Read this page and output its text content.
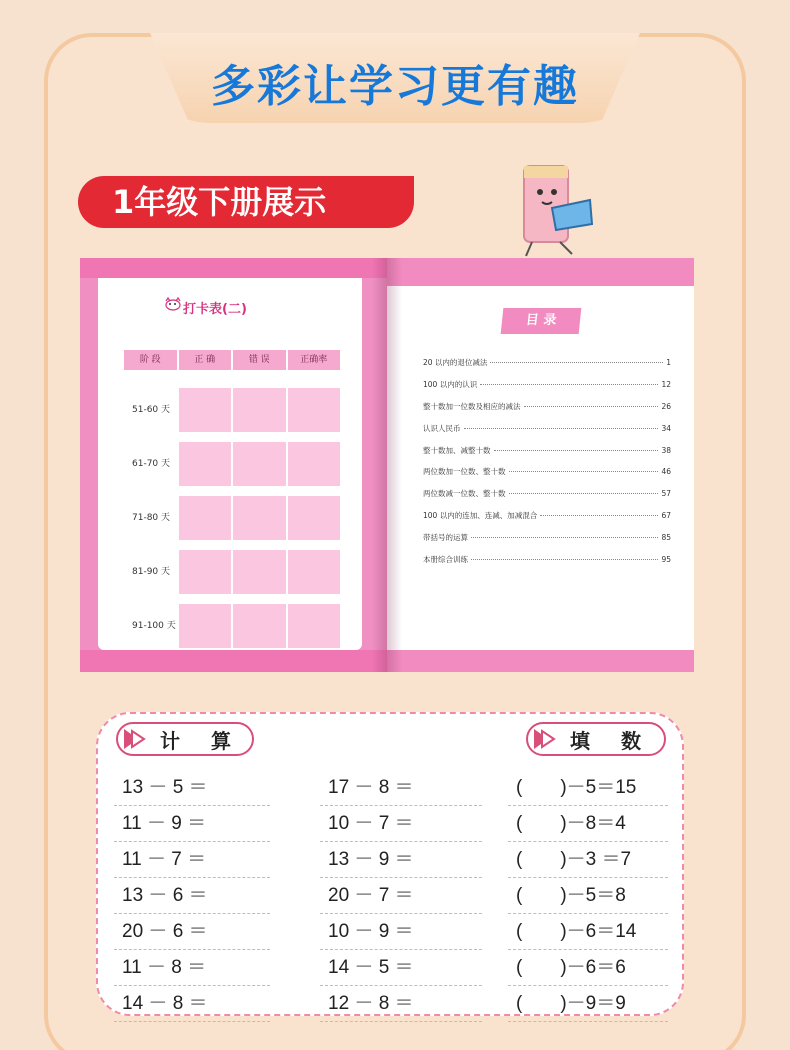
多彩让学习更有趣
1年级下册展示
打卡表(二)
阶 段	正 确	错 误	正确率
51-60 天
61-70 天
71-80 天
81-90 天
91-100 天
目 录
20 以内的退位减法	1
100 以内的认识	12
整十数加一位数及相应的减法	26
认识人民币	34
整十数加、减整十数	38
两位数加一位数、整十数	46
两位数减一位数、整十数	57
100 以内的连加、连减、加减混合	67
带括号的运算	85
本册综合训练	95
计 算	填 数
13 － 5 ＝
11 － 9 ＝
11 － 7 ＝
13 － 6 ＝
20 － 6 ＝
11 － 8 ＝
14 － 8 ＝
17 － 8 ＝
10 － 7 ＝
13 － 9 ＝
20 － 7 ＝
10 － 9 ＝
14 － 5 ＝
12 － 8 ＝
(　　)－5＝15
(　　)－8＝4
(　　)－3 ＝7
(　　)－5＝8
(　　)－6＝14
(　　)－6＝6
(　　)－9＝9
